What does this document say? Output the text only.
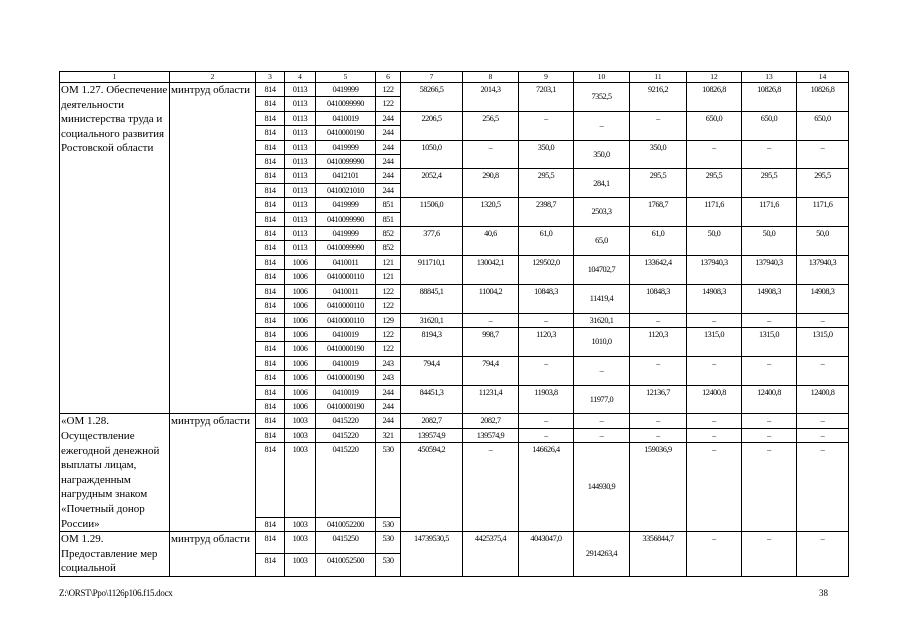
1	2	3	4	5	6	7	8	9	10	11	12	13	14
ОМ 1.27. Обеспечение деятельности министерства труда и социального развития Ростовской области	минтруд области	814	0113	0419999	122	58266,5	2014,3	7203,1	7352,5	9216,2	10826,8	10826,8	10826,8
		814	0113	0410099990	122								
		814	0113	0410019	244	2206,5	256,5	–	–	–	650,0	650,0	650,0
		814	0113	0410000190	244								
		814	0113	0419999	244	1050,0	–	350,0	350,0	350,0	–	–	–
		814	0113	0410099990	244								
		814	0113	0412101	244	2052,4	290,8	295,5	284,1	295,5	295,5	295,5	295,5
		814	0113	0410021010	244								
		814	0113	0419999	851	11506,0	1320,5	2398,7	2503,3	1768,7	1171,6	1171,6	1171,6
		814	0113	0410099990	851								
		814	0113	0419999	852	377,6	40,6	61,0	65,0	61,0	50,0	50,0	50,0
		814	0113	0410099990	852								
		814	1006	0410011	121	911710,1	130042,1	129502,0	104702,7	133642,4	137940,3	137940,3	137940,3
		814	1006	0410000110	121								
		814	1006	0410011	122	88845,1	11004,2	10848,3	11419,4	10848,3	14908,3	14908,3	14908,3
		814	1006	0410000110	122								
		814	1006	0410000110	129	31620,1	–	–	31620,1	–	–	–	–
		814	1006	0410019	122	8194,3	998,7	1120,3	1010,0	1120,3	1315,0	1315,0	1315,0
		814	1006	0410000190	122								
		814	1006	0410019	243	794,4	794,4	–	–	–	–	–	–
		814	1006	0410000190	243								
		814	1006	0410019	244	84451,3	11231,4	11903,8	11977,0	12136,7	12400,8	12400,8	12400,8
		814	1006	0410000190	244								
«ОМ 1.28. Осуществление ежегодной денежной выплаты лицам, награжденным нагрудным знаком «Почетный донор России»	минтруд области	814	1003	0415220	244	2082,7	2082,7	–	–	–	–	–	–
		814	1003	0415220	321	139574,9	139574,9	–	–	–	–	–	–
		814	1003	0415220	530	450594,2	–	146626,4	144930,9	159036,9	–	–	–
		814	1003	0410052200	530								
ОМ 1.29. Предоставление мер социальной	минтруд области	814	1003	0415250	530	14739530,5	4425375,4	4043047,0	2914263,4	3356844,7	–	–	–
		814	1003	0410052500	530								
Z:\ORST\Ppo\1126p106.f15.docx	38
